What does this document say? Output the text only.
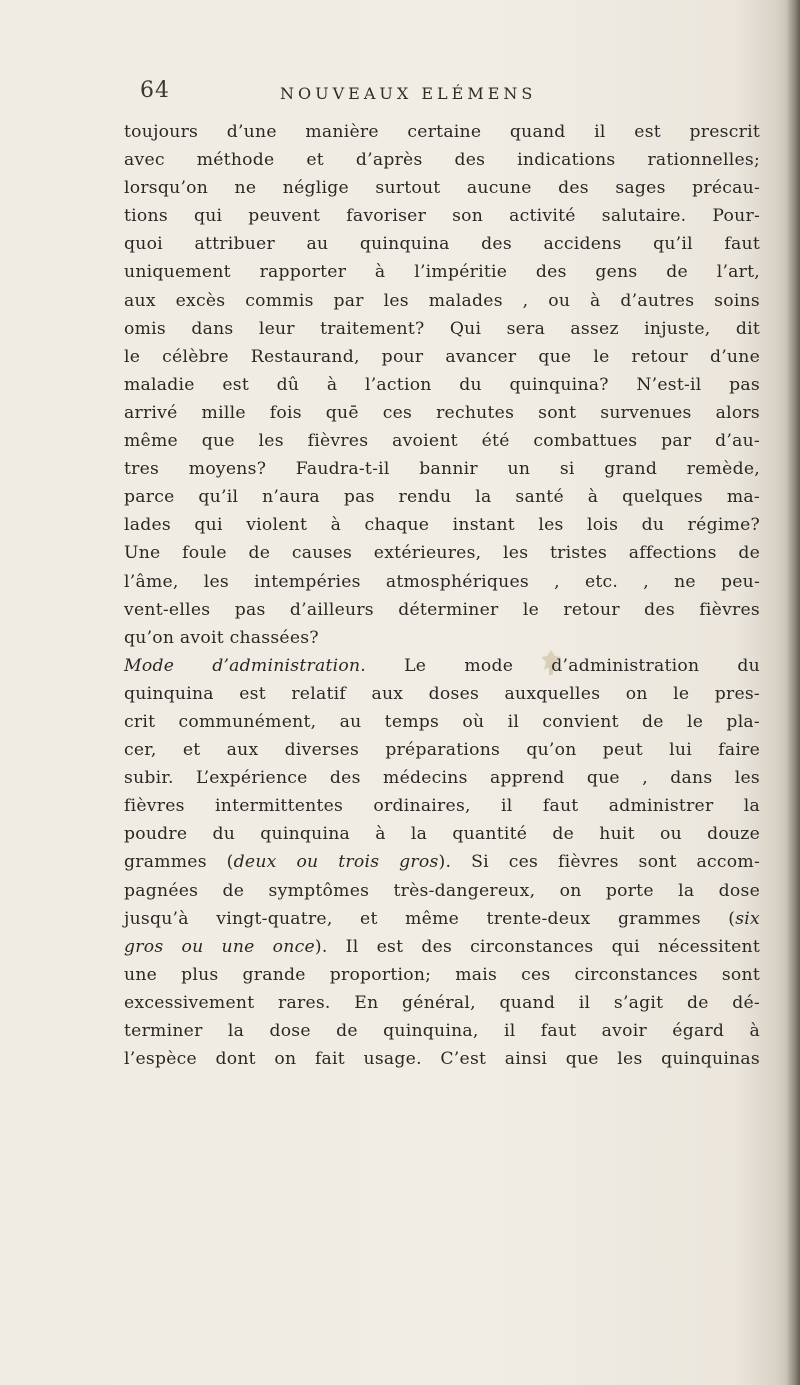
64	NOUVEAUX ELÉMENS
toujours d’une manière certaine quand il est prescrit
avec méthode et d’après des indications rationnelles;
lorsqu’on ne néglige surtout aucune des sages précau-
tions qui peuvent favoriser son activité salutaire. Pour-
quoi attribuer au quinquina des accidens qu’il faut
uniquement rapporter à l’impéritie des gens de l’art,
aux excès commis par les malades , ou à d’autres soins
omis dans leur traitement? Qui sera assez injuste, dit
le célèbre Restaurand, pour avancer que le retour d’une
maladie est dû à l’action du quinquina? N’est-il pas
arrivé mille fois quē ces rechutes sont survenues alors
même que les fièvres avoient été combattues par d’au-
tres moyens? Faudra-t-il bannir un si grand remède,
parce qu’il n’aura pas rendu la santé à quelques ma-
lades qui violent à chaque instant les lois du régime?
Une foule de causes extérieures, les tristes affections de
l’âme, les intempéries atmosphériques , etc. , ne peu-
vent-elles pas d’ailleurs déterminer le retour des fièvres
qu’on avoit chassées?
Mode d’administration. Le mode d’administration du
quinquina est relatif aux doses auxquelles on le pres-
crit communément, au temps où il convient de le pla-
cer, et aux diverses préparations qu’on peut lui faire
subir. L’expérience des médecins apprend que , dans les
fièvres intermittentes ordinaires, il faut administrer la
poudre du quinquina à la quantité de huit ou douze
grammes (deux ou trois gros). Si ces fièvres sont accom-
pagnées de symptômes très-dangereux, on porte la dose
jusqu’à vingt-quatre, et même trente-deux grammes (six
gros ou une once). Il est des circonstances qui nécessitent
une plus grande proportion; mais ces circonstances sont
excessivement rares. En général, quand il s’agit de dé-
terminer la dose de quinquina, il faut avoir égard à
l’espèce dont on fait usage. C’est ainsi que les quinquinas
